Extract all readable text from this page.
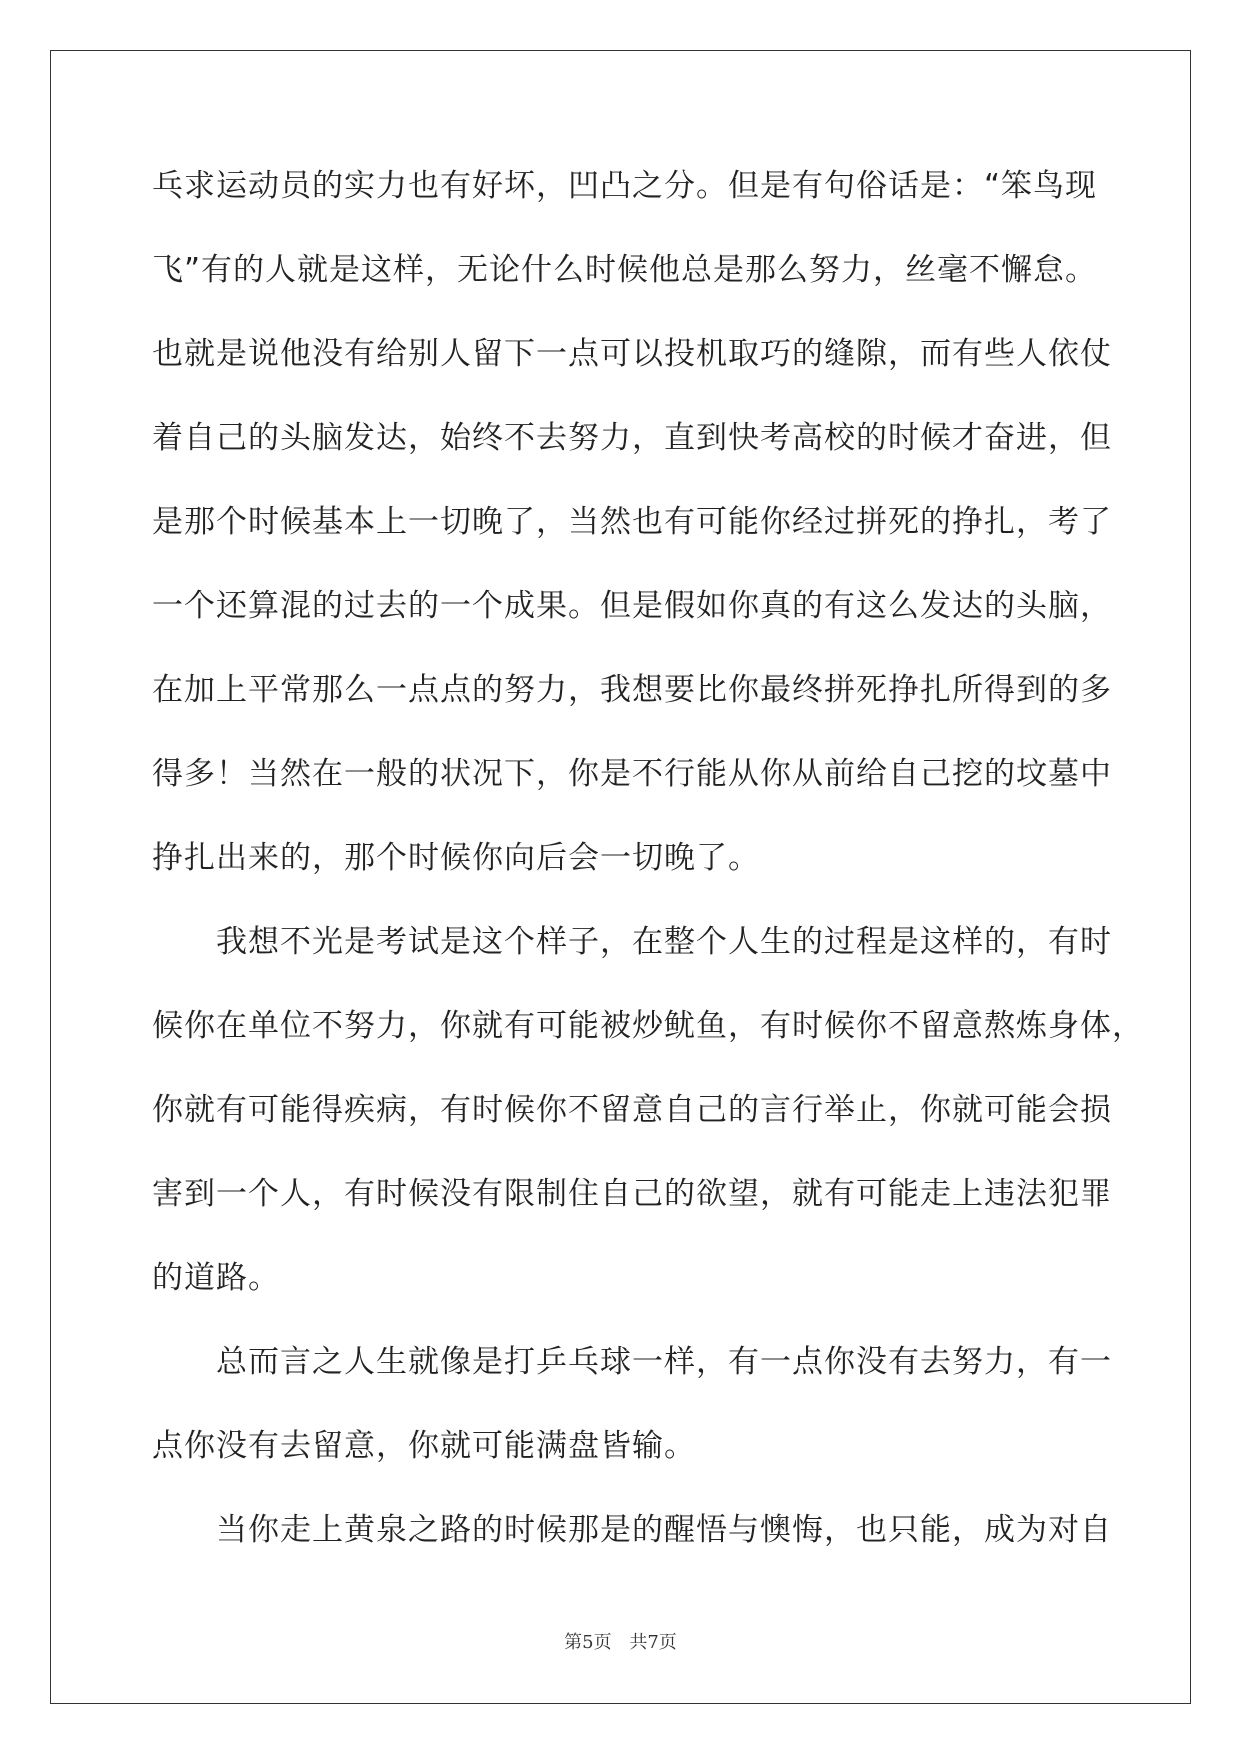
乓求运动员的实力也有好坏，凹凸之分。但是有句俗话是：“笨鸟现
飞”有的人就是这样，无论什么时候他总是那么努力，丝毫不懈怠。
也就是说他没有给别人留下一点可以投机取巧的缝隙，而有些人依仗
着自己的头脑发达，始终不去努力，直到快考高校的时候才奋进，但
是那个时候基本上一切晚了，当然也有可能你经过拼死的挣扎，考了
一个还算混的过去的一个成果。但是假如你真的有这么发达的头脑，
在加上平常那么一点点的努力，我想要比你最终拼死挣扎所得到的多
得多！当然在一般的状况下，你是不行能从你从前给自己挖的坟墓中
挣扎出来的，那个时候你向后会一切晚了。
我想不光是考试是这个样子，在整个人生的过程是这样的，有时
候你在单位不努力，你就有可能被炒鱿鱼，有时候你不留意熬炼身体，
你就有可能得疾病，有时候你不留意自己的言行举止，你就可能会损
害到一个人，有时候没有限制住自己的欲望，就有可能走上违法犯罪
的道路。
总而言之人生就像是打乒乓球一样，有一点你没有去努力，有一
点你没有去留意，你就可能满盘皆输。
当你走上黄泉之路的时候那是的醒悟与懊悔，也只能，成为对自
第5页 共7页
